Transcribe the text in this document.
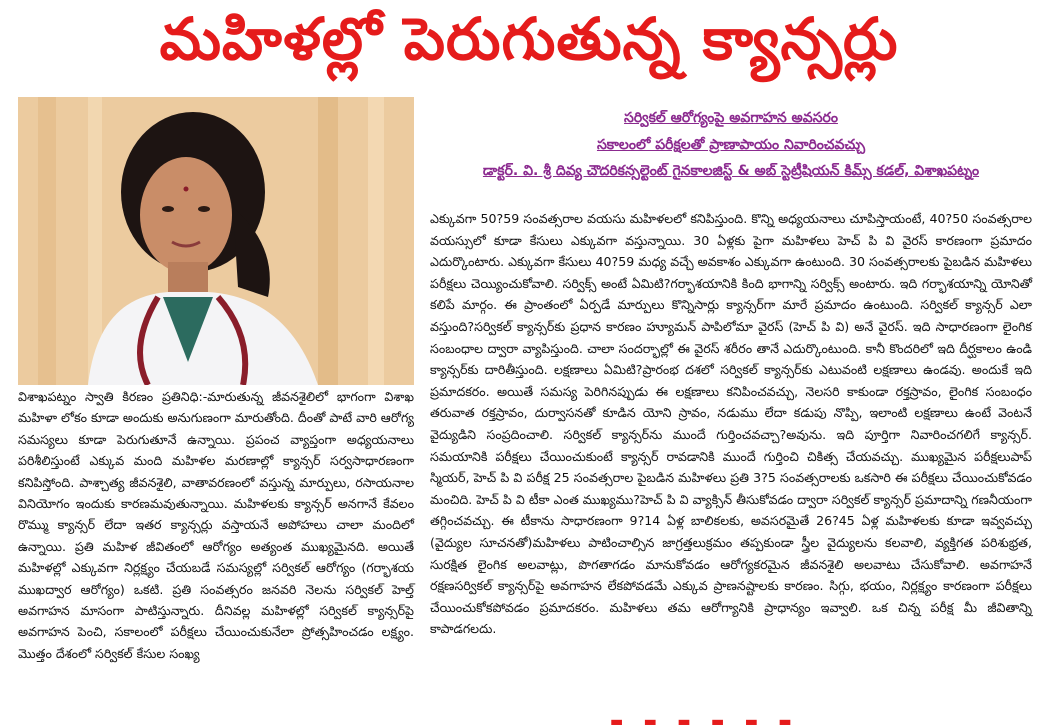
మహిళల్లో పెరుగుతున్న క్యాన్సర్లు
విశాఖపట్నం స్వాతి కిరణం ప్రతినిధి:-మారుతున్న జీవనశైలిలో భాగంగా విశాఖ మహిళా లోకం కూడా అందుకు అనుగుణంగా మారుతోంది. దీంతో పాటే వారి ఆరోగ్య సమస్యలు కూడా పెరుగుతూనే ఉన్నాయి. ప్రపంచ వ్యాప్తంగా అధ్యయనాలు పరిశీలిస్తుంటే ఎక్కువ మంది మహిళల మరణాల్లో క్యాన్సర్ సర్వసాధారణంగా కనిపిస్తోంది. పాశ్చాత్య జీవనశైలి, వాతావరణంలో వస్తున్న మార్పులు, రసాయనాల వినియోగం ఇందుకు కారణమవుతున్నాయి. మహిళలకు క్యాన్సర్ అనగానే కేవలం రొమ్ము క్యాన్సర్ లేదా ఇతర క్యాన్సర్లు వస్తాయనే అపోహలు చాలా మందిలో ఉన్నాయి. ప్రతి మహిళ జీవితంలో ఆరోగ్యం అత్యంత ముఖ్యమైనది. అయితే మహిళల్లో ఎక్కువగా నిర్లక్ష్యం చేయబడే సమస్యల్లో సర్వికల్ ఆరోగ్యం (గర్భాశయ ముఖద్వార ఆరోగ్యం) ఒకటి. ప్రతి సంవత్సరం జనవరి నెలను సర్వికల్ హెల్త్ అవగాహన మాసంగా పాటిస్తున్నారు. దీనివల్ల మహిళల్లో సర్వికల్ క్యాన్సర్‌పై అవగాహన పెంచి, సకాలంలో పరీక్షలు చేయించుకునేలా ప్రోత్సహించడం లక్ష్యం. మొత్తం దేశంలో సర్వికల్ కేసుల సంఖ్య
సర్వికల్ ఆరోగ్యంపై అవగాహన అవసరం
సకాలంలో పరీక్షలతో ప్రాణాపాయం నివారించవచ్చు
డాక్టర్. వి. శ్రీ దివ్య చౌదరికన్సల్టెంట్ గైనకాలజిస్ట్ & అబ్ స్టెట్రీషియన్ కిమ్స్ కడల్, విశాఖపట్నం
ఎక్కువగా 50?59 సంవత్సరాల వయసు మహిళలలో కనిపిస్తుంది. కొన్ని అధ్యయనాలు చూపిస్తాయంటే, 40?50 సంవత్సరాల వయస్సులో కూడా కేసులు ఎక్కువగా వస్తున్నాయి. 30 ఏళ్లకు పైగా మహిళలు హెచ్ పి వి వైరస్ కారణంగా ప్రమాదం ఎదుర్కొంటారు. ఎక్కువగా కేసులు 40?59 మధ్య వచ్చే అవకాశం ఎక్కువగా ఉంటుంది. 30 సంవత్సరాలకు పైబడిన మహిళలు పరీక్షలు చెయ్యించుకోవాలి. సర్విక్స్ అంటే ఏమిటి?గర్భాశయానికి కింది భాగాన్ని సర్విక్స్ అంటారు. ఇది గర్భాశయాన్ని యోనితో కలిపే మార్గం. ఈ ప్రాంతంలో ఏర్పడే మార్పులు కొన్నిసార్లు క్యాన్సర్‌గా మారే ప్రమాదం ఉంటుంది. సర్వికల్ క్యాన్సర్ ఎలా వస్తుంది?సర్వికల్ క్యాన్సర్‌కు ప్రధాన కారణం హ్యూమన్ పాపిలోమా వైరస్ (హెచ్ పి వి) అనే వైరస్. ఇది సాధారణంగా లైంగిక సంబంధాల ద్వారా వ్యాపిస్తుంది. చాలా సందర్భాల్లో ఈ వైరస్ శరీరం తానే ఎదుర్కొంటుంది. కానీ కొందరిలో ఇది దీర్ఘకాలం ఉండి క్యాన్సర్‌కు దారితీస్తుంది. లక్షణాలు ఏమిటి?ప్రారంభ దశలో సర్వికల్ క్యాన్సర్‌కు ఎటువంటి లక్షణాలు ఉండవు. అందుకే ఇది ప్రమాదకరం. అయితే సమస్య పెరిగినప్పుడు ఈ లక్షణాలు కనిపించవచ్చు, నెలసరి కాకుండా రక్తస్రావం, లైంగిక సంబంధం తరువాత రక్తస్రావం, దుర్వాసనతో కూడిన యోని స్రావం, నడుము లేదా కడుపు నొప్పి, ఇలాంటి లక్షణాలు ఉంటే వెంటనే వైద్యుడిని సంప్రదించాలి. సర్వికల్ క్యాన్సర్‌ను ముందే గుర్తించవచ్చా?అవును. ఇది పూర్తిగా నివారించగలిగే క్యాన్సర్. సమయానికి పరీక్షలు చేయించుకుంటే క్యాన్సర్ రావడానికి ముందే గుర్తించి చికిత్స చేయవచ్చు. ముఖ్యమైన పరీక్షలుపాప్ స్మియర్, హెచ్ పి వి పరీక్ష 25 సంవత్సరాల పైబడిన మహిళలు ప్రతి 3?5 సంవత్సరాలకు ఒకసారి ఈ పరీక్షలు చేయించుకోవడం మంచిది. హెచ్ పి వి టీకా ఎంత ముఖ్యము?హెచ్ పి వి వ్యాక్సిన్ తీసుకోవడం ద్వారా సర్వికల్ క్యాన్సర్ ప్రమాదాన్ని గణనీయంగా తగ్గించవచ్చు. ఈ టీకాను సాధారణంగా 9?14 ఏళ్ల బాలికలకు, అవసరమైతే 26?45 ఏళ్ల మహిళలకు కూడా ఇవ్వవచ్చు (వైద్యుల సూచనతో)మహిళలు పాటించాల్సిన జాగ్రత్తలుక్రమం తప్పకుండా స్త్రీల వైద్యులను కలవాలి, వ్యక్తిగత పరిశుభ్రత, సురక్షిత లైంగిక అలవాట్లు, పొగతాగడం మానుకోవడం ఆరోగ్యకరమైన జీవనశైలి అలవాటు చేసుకోవాలి. అవగాహనే రక్షణసర్వికల్ క్యాన్సర్‌పై అవగాహన లేకపోవడమే ఎక్కువ ప్రాణనష్టాలకు కారణం. సిగ్గు, భయం, నిర్లక్ష్యం కారణంగా పరీక్షలు చేయించుకోకపోవడం ప్రమాదకరం. మహిళలు తమ ఆరోగ్యానికి ప్రాధాన్యం ఇవ్వాలి. ఒక చిన్న పరీక్ష మీ జీవితాన్ని కాపాడగలదు.
▬ ▬ ▬ ▬ ▬ ▬
